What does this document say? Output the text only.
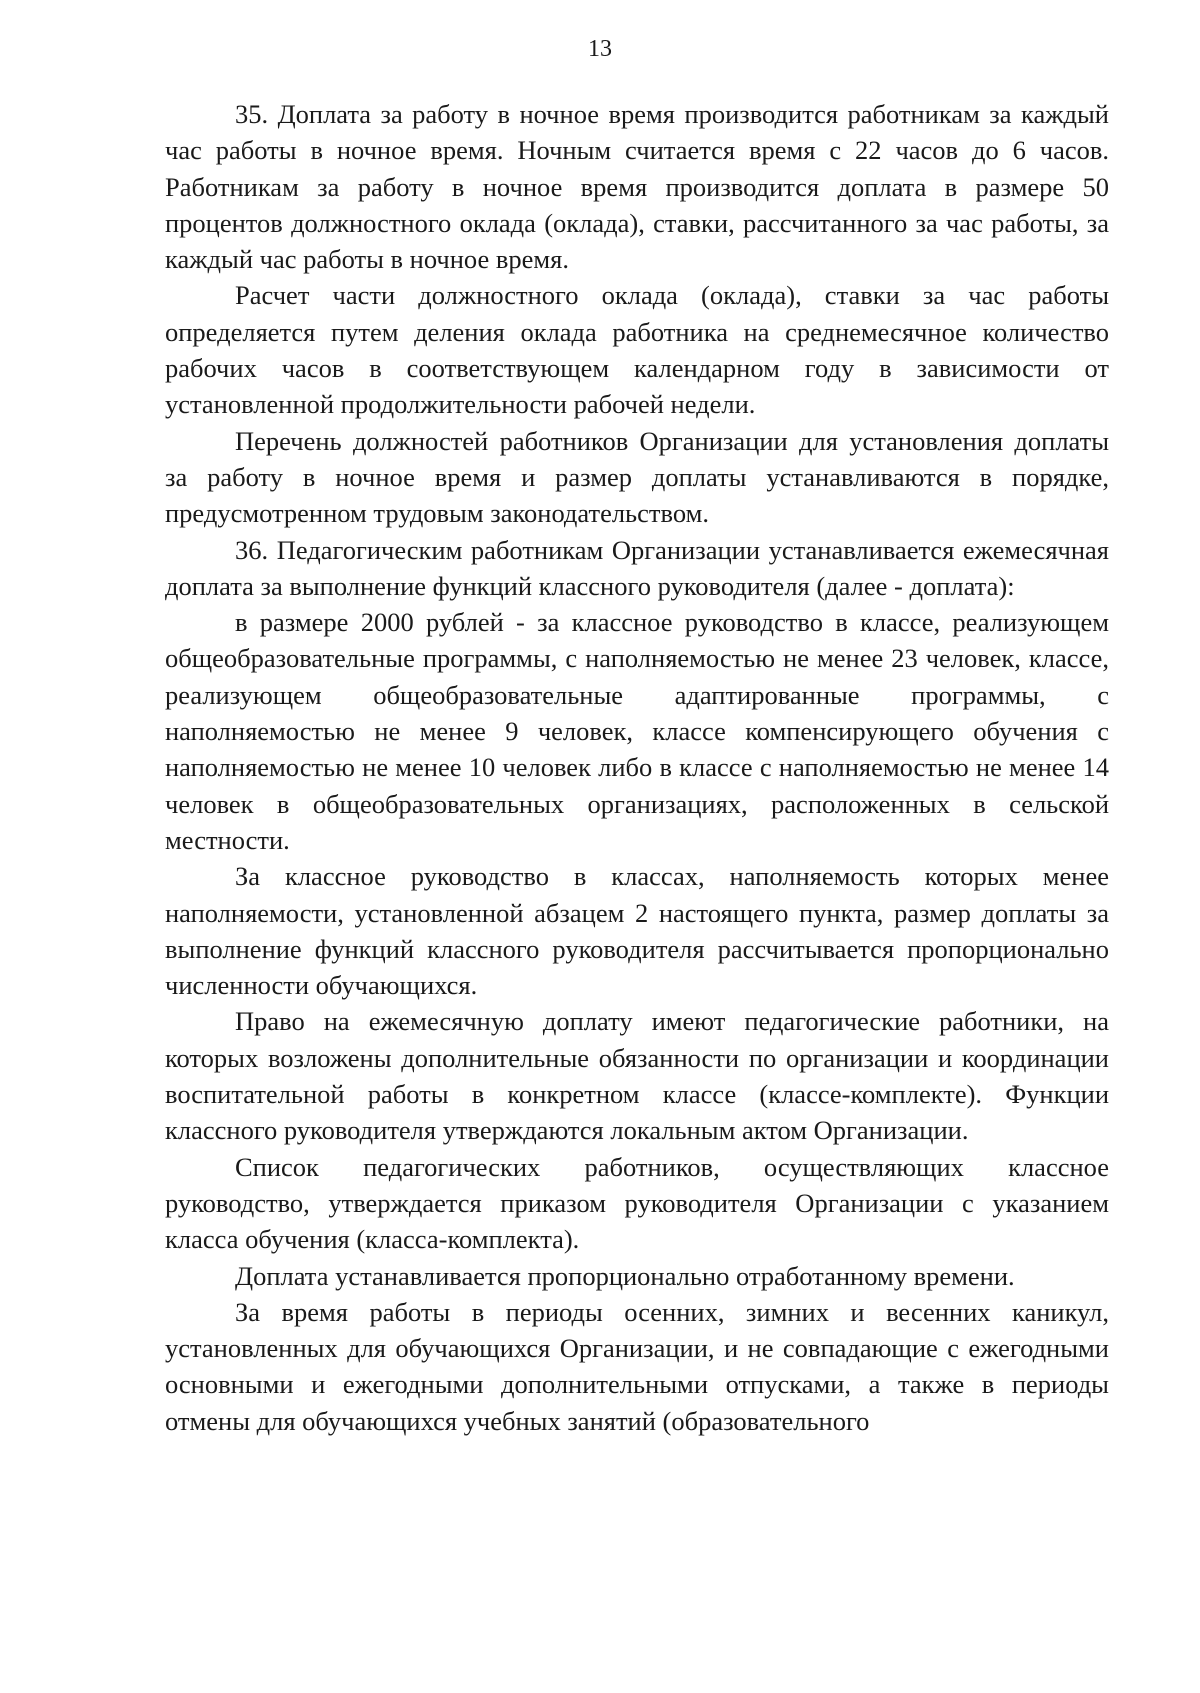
13

35. Доплата за работу в ночное время производится работникам за каждый час работы в ночное время. Ночным считается время с 22 часов до 6 часов. Работникам за работу в ночное время производится доплата в размере 50 процентов должностного оклада (оклада), ставки, рассчитанного за час работы, за каждый час работы в ночное время.

Расчет части должностного оклада (оклада), ставки за час работы определяется путем деления оклада работника на среднемесячное количество рабочих часов в соответствующем календарном году в зависимости от установленной продолжительности рабочей недели.

Перечень должностей работников Организации для установления доплаты за работу в ночное время и размер доплаты устанавливаются в порядке, предусмотренном трудовым законодательством.

36. Педагогическим работникам Организации устанавливается ежемесячная доплата за выполнение функций классного руководителя (далее - доплата):

в размере 2000 рублей - за классное руководство в классе, реализующем общеобразовательные программы, с наполняемостью не менее 23 человек, классе, реализующем общеобразовательные адаптированные программы, с наполняемостью не менее 9 человек, классе компенсирующего обучения с наполняемостью не менее 10 человек либо в классе с наполняемостью не менее 14 человек в общеобразовательных организациях, расположенных в сельской местности.

За классное руководство в классах, наполняемость которых менее наполняемости, установленной абзацем 2 настоящего пункта, размер доплаты за выполнение функций классного руководителя рассчитывается пропорционально численности обучающихся.

Право на ежемесячную доплату имеют педагогические работники, на которых возложены дополнительные обязанности по организации и координации воспитательной работы в конкретном классе (классе-комплекте). Функции классного руководителя утверждаются локальным актом Организации.

Список педагогических работников, осуществляющих классное руководство, утверждается приказом руководителя Организации с указанием класса обучения (класса-комплекта).

Доплата устанавливается пропорционально отработанному времени.

За время работы в периоды осенних, зимних и весенних каникул, установленных для обучающихся Организации, и не совпадающие с ежегодными основными и ежегодными дополнительными отпусками, а также в периоды отмены для обучающихся учебных занятий (образовательного
